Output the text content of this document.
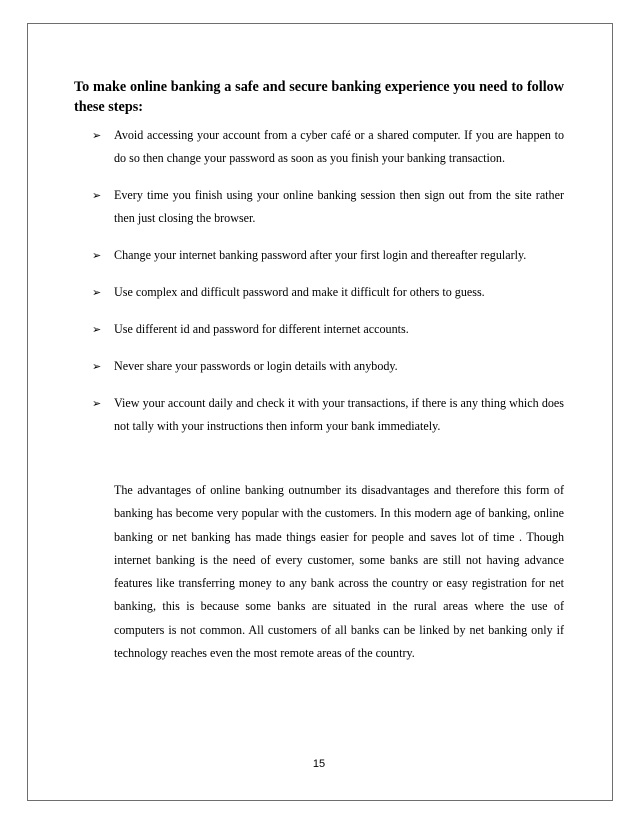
To make online banking a safe and secure banking experience you need to follow these steps:

➢	Avoid accessing your account from a cyber café or a shared computer. If you are happen to do so then change your password as soon as you finish your banking transaction.
➢	Every time you finish using your online banking session then sign out from the site rather then just closing the browser.
➢	Change your internet banking password after your first login and thereafter regularly.
➢	Use complex and difficult password and make it difficult for others to guess.
➢	Use different id and password for different internet accounts.
➢	Never share your passwords or login details with anybody.
➢	View your account daily and check it with your transactions, if there is any thing which does not tally with your instructions then inform your bank immediately.

The advantages of online banking outnumber its disadvantages and therefore this form of banking has become very popular with the customers. In this modern age of banking, online banking or net banking has made things easier for people and saves lot of time . Though internet banking is the need of every customer, some banks are still not having advance features like transferring money to any bank across the country or easy registration for net banking, this is because some banks are situated in the rural areas where the use of computers is not common. All customers of all banks can be linked by net banking only if technology reaches even the most remote areas of the country.

15
